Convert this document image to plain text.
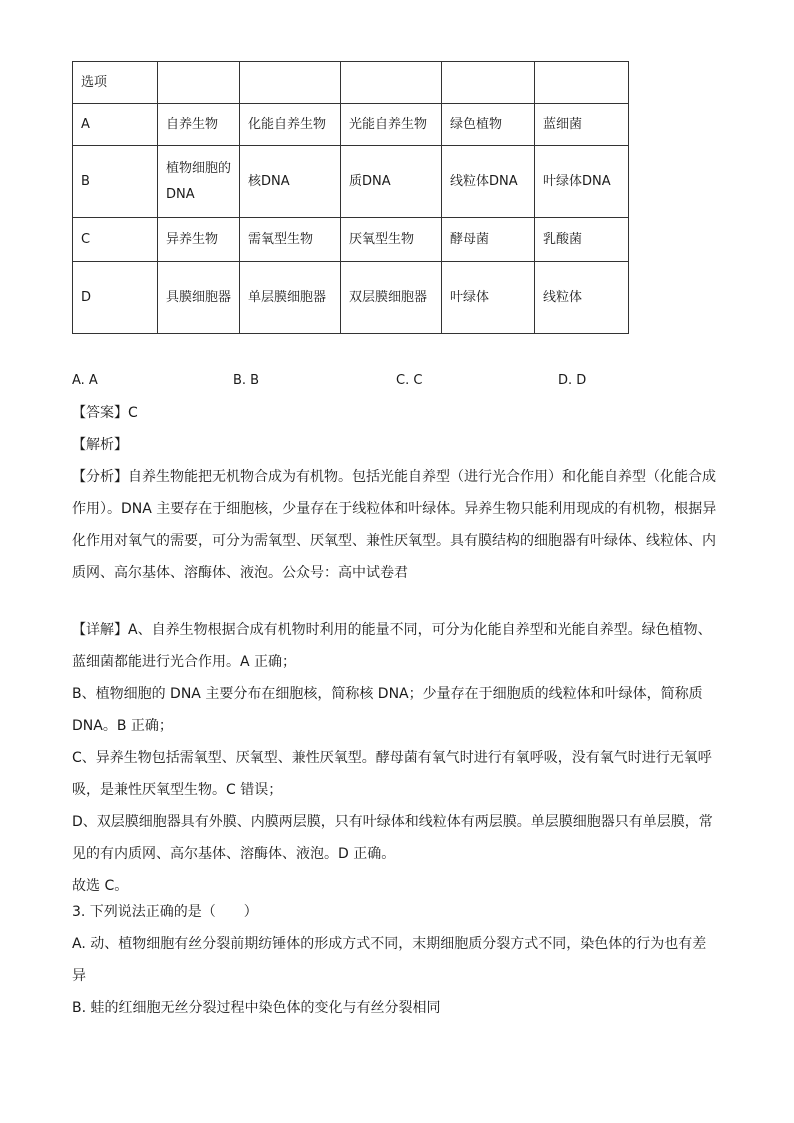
选项					
A	自养生物	化能自养生物	光能自养生物	绿色植物	蓝细菌
B	植物细胞的DNA	核DNA	质DNA	线粒体DNA	叶绿体DNA
C	异养生物	需氧型生物	厌氧型生物	酵母菌	乳酸菌
D	具膜细胞器	单层膜细胞器	双层膜细胞器	叶绿体	线粒体
A. A	B. B	C. C	D. D
【答案】C
【解析】
【分析】自养生物能把无机物合成为有机物。包括光能自养型（进行光合作用）和化能自养型（化能合成
作用）。DNA 主要存在于细胞核，少量存在于线粒体和叶绿体。异养生物只能利用现成的有机物，根据异
化作用对氧气的需要，可分为需氧型、厌氧型、兼性厌氧型。具有膜结构的细胞器有叶绿体、线粒体、内
质网、高尔基体、溶酶体、液泡。公众号：高中试卷君
【详解】A、自养生物根据合成有机物时利用的能量不同，可分为化能自养型和光能自养型。绿色植物、
蓝细菌都能进行光合作用。A 正确；
B、植物细胞的 DNA 主要分布在细胞核，简称核 DNA；少量存在于细胞质的线粒体和叶绿体，简称质
DNA。B 正确；
C、异养生物包括需氧型、厌氧型、兼性厌氧型。酵母菌有氧气时进行有氧呼吸，没有氧气时进行无氧呼
吸，是兼性厌氧型生物。C 错误；
D、双层膜细胞器具有外膜、内膜两层膜，只有叶绿体和线粒体有两层膜。单层膜细胞器只有单层膜，常
见的有内质网、高尔基体、溶酶体、液泡。D 正确。
故选 C。
3. 下列说法正确的是（　　）
A. 动、植物细胞有丝分裂前期纺锤体的形成方式不同，末期细胞质分裂方式不同，染色体的行为也有差
异
B. 蛙的红细胞无丝分裂过程中染色体的变化与有丝分裂相同
